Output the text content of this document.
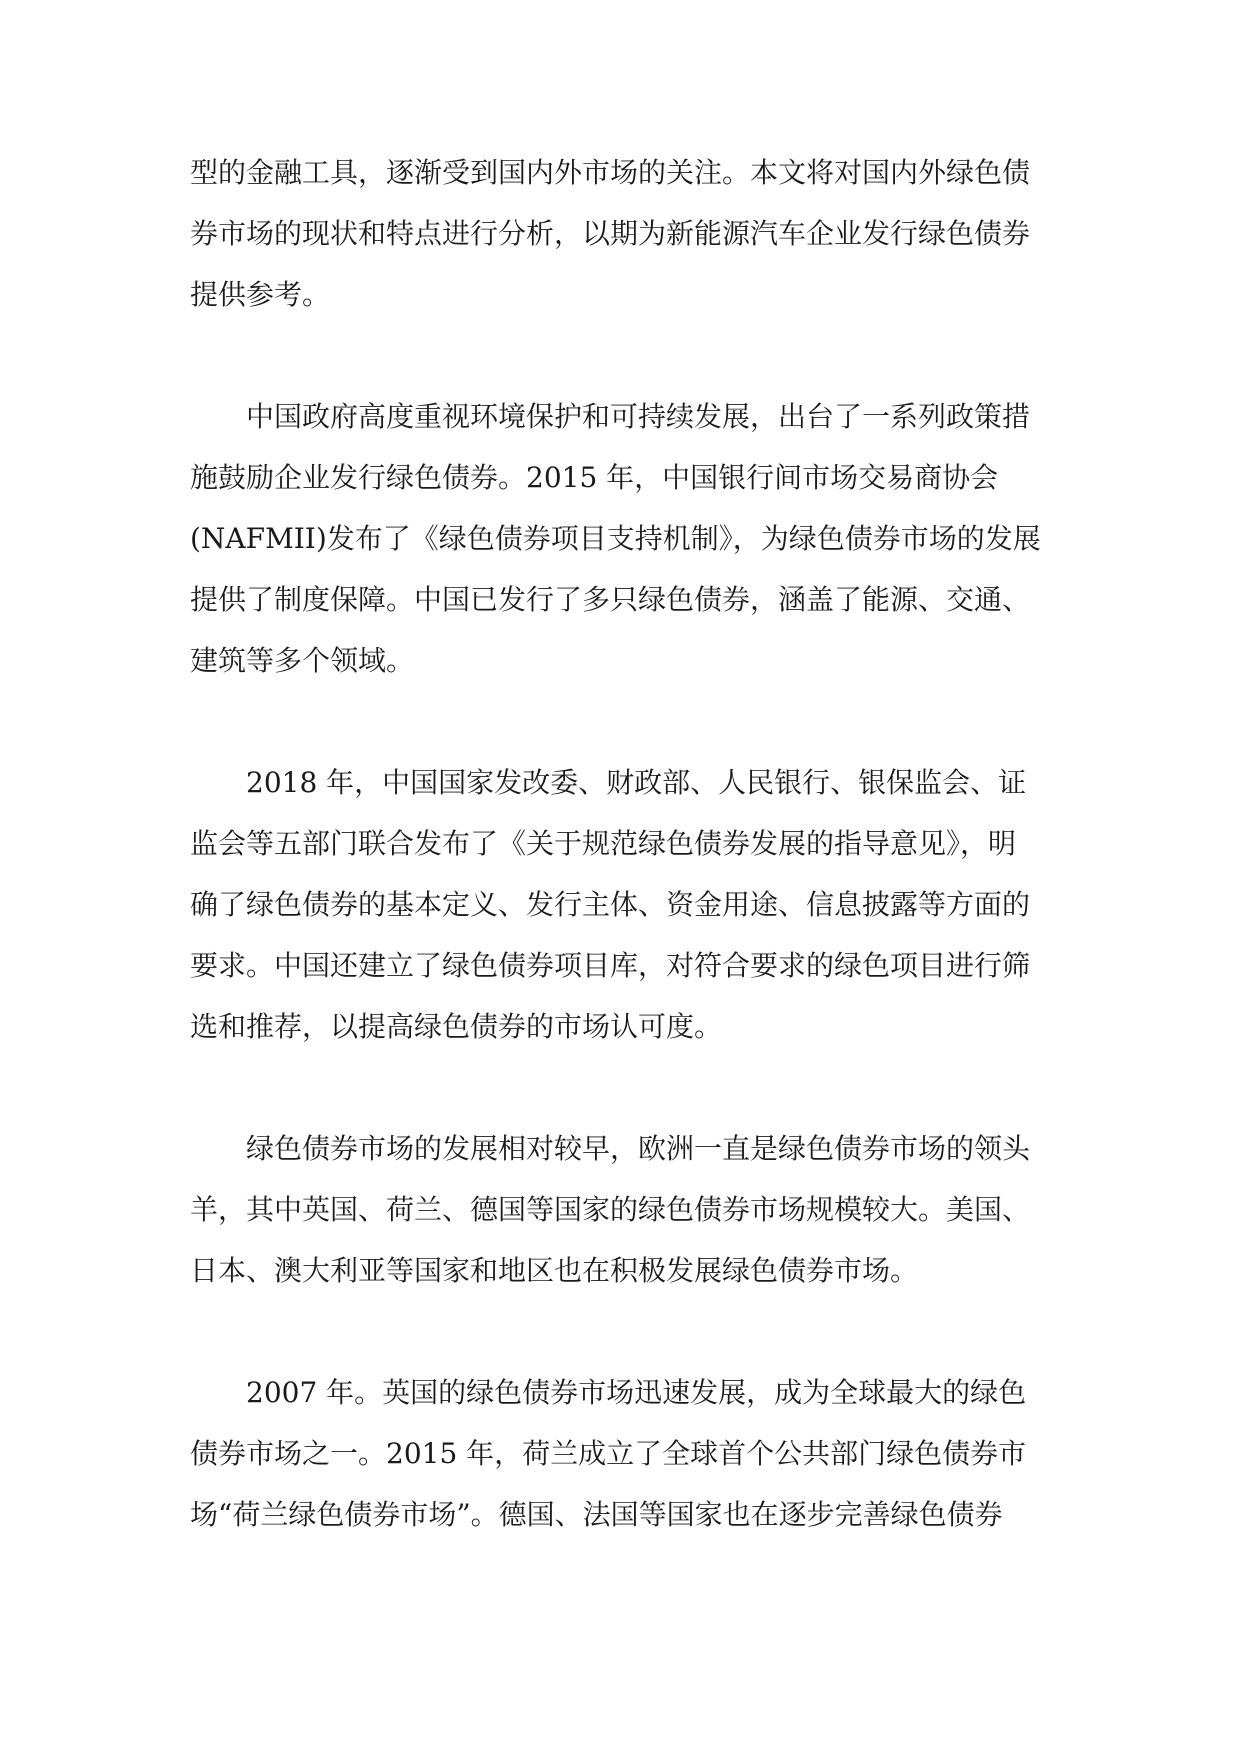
型的金融工具，逐渐受到国内外市场的关注。本文将对国内外绿色债
券市场的现状和特点进行分析，以期为新能源汽车企业发行绿色债券
提供参考。
　　中国政府高度重视环境保护和可持续发展，出台了一系列政策措
施鼓励企业发行绿色债券。2015 年，中国银行间市场交易商协会
(NAFMII)发布了《绿色债券项目支持机制》，为绿色债券市场的发展
提供了制度保障。中国已发行了多只绿色债券，涵盖了能源、交通、
建筑等多个领域。
　　2018 年，中国国家发改委、财政部、人民银行、银保监会、证
监会等五部门联合发布了《关于规范绿色债券发展的指导意见》，明
确了绿色债券的基本定义、发行主体、资金用途、信息披露等方面的
要求。中国还建立了绿色债券项目库，对符合要求的绿色项目进行筛
选和推荐，以提高绿色债券的市场认可度。
　　绿色债券市场的发展相对较早，欧洲一直是绿色债券市场的领头
羊，其中英国、荷兰、德国等国家的绿色债券市场规模较大。美国、
日本、澳大利亚等国家和地区也在积极发展绿色债券市场。
　　2007 年。英国的绿色债券市场迅速发展，成为全球最大的绿色
债券市场之一。2015 年，荷兰成立了全球首个公共部门绿色债券市
场“荷兰绿色债券市场”。德国、法国等国家也在逐步完善绿色债券
